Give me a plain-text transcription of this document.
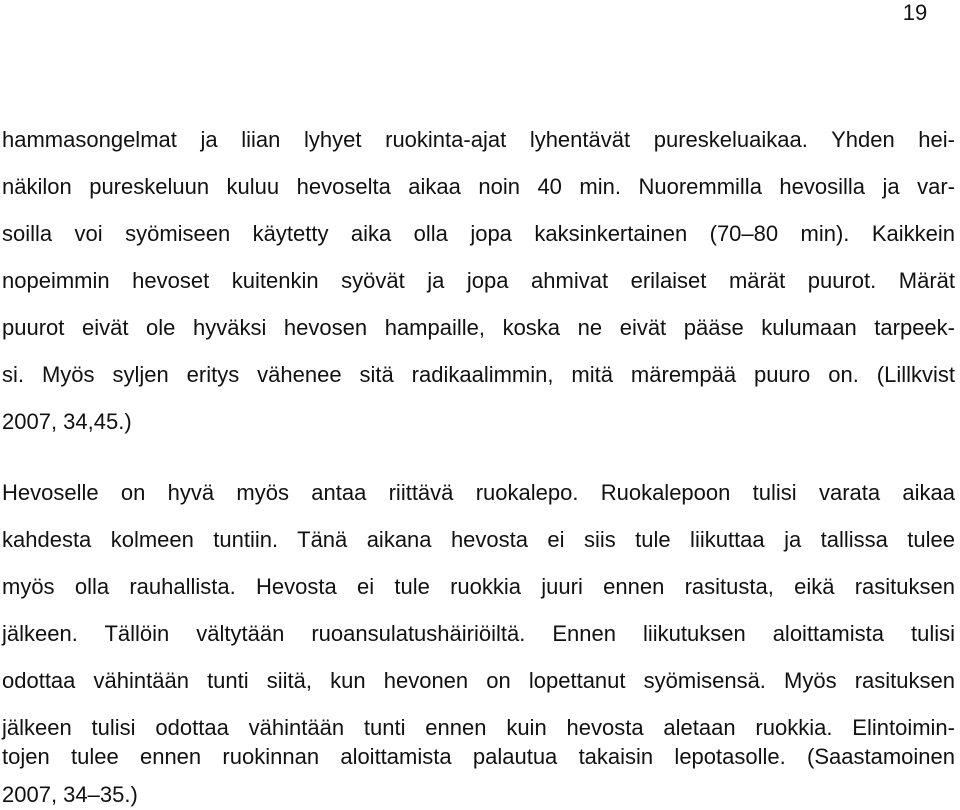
19
hammasongelmat ja liian lyhyet ruokinta-ajat lyhentävät pureskeluaikaa. Yhden hei-
näkilon pureskeluun kuluu hevoselta aikaa noin 40 min. Nuoremmilla hevosilla ja var-
soilla voi syömiseen käytetty aika olla jopa kaksinkertainen (70–80 min). Kaikkein
nopeimmin hevoset kuitenkin syövät ja jopa ahmivat erilaiset märät puurot. Märät
puurot eivät ole hyväksi hevosen hampaille, koska ne eivät pääse kulumaan tarpeek-
si. Myös syljen eritys vähenee sitä radikaalimmin, mitä märempää puuro on. (Lillkvist
2007, 34,45.)
Hevoselle on hyvä myös antaa riittävä ruokalepo. Ruokalepoon tulisi varata aikaa
kahdesta kolmeen tuntiin. Tänä aikana hevosta ei siis tule liikuttaa ja tallissa tulee
myös olla rauhallista. Hevosta ei tule ruokkia juuri ennen rasitusta, eikä rasituksen
jälkeen. Tällöin vältytään ruoansulatushäiriöiltä. Ennen liikutuksen aloittamista tulisi
odottaa vähintään tunti siitä, kun hevonen on lopettanut syömisensä. Myös rasituksen
jälkeen tulisi odottaa vähintään tunti ennen kuin hevosta aletaan ruokkia. Elintoimin-
tojen tulee ennen ruokinnan aloittamista palautua takaisin lepotasolle. (Saastamoinen
2007, 34–35.)
